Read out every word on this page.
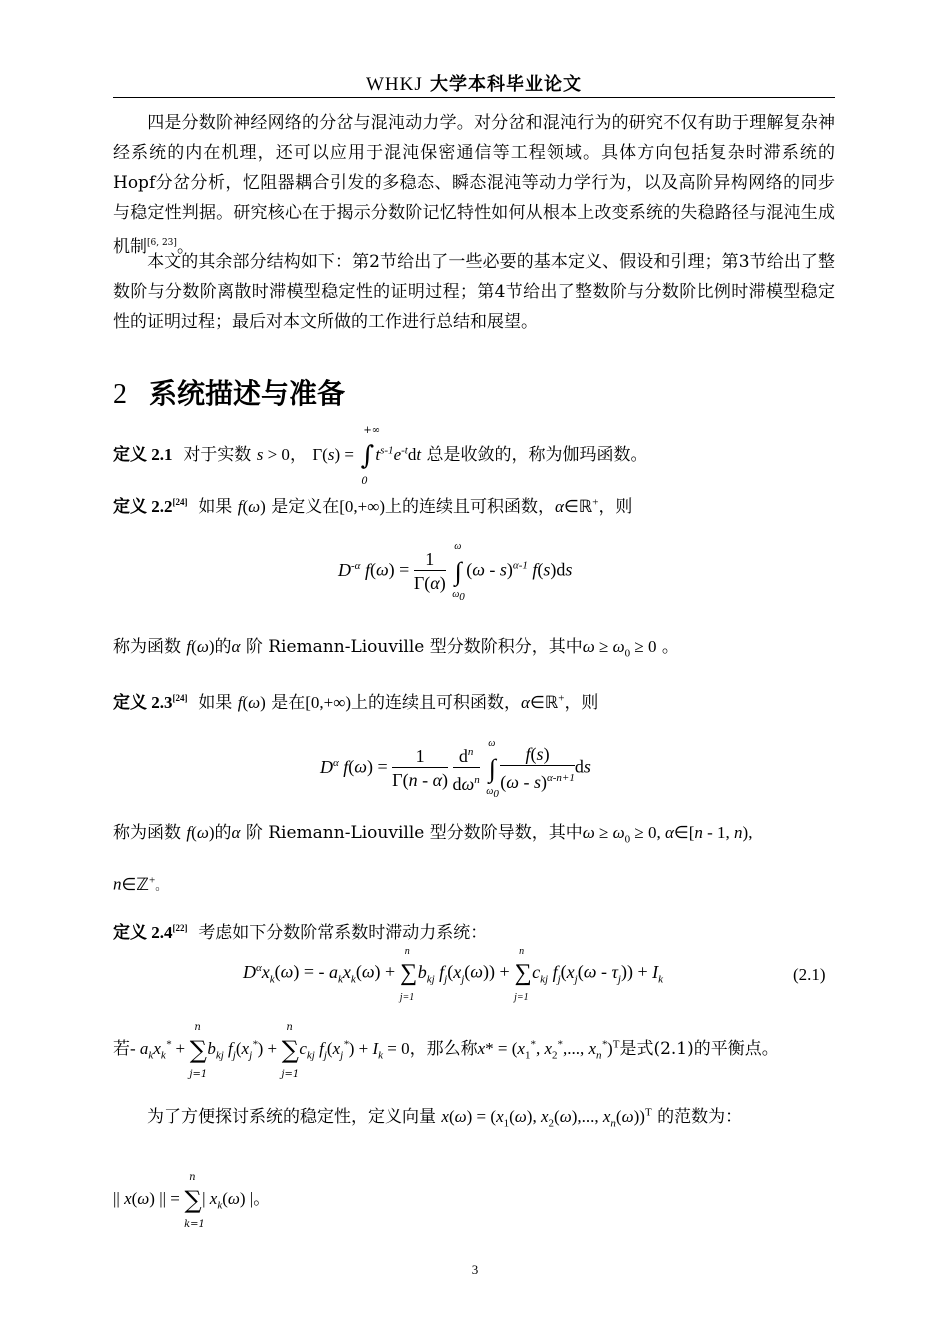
WHKJ 大学本科毕业论文
四是分数阶神经网络的分岔与混沌动力学。对分岔和混沌行为的研究不仅有助于理解复杂神经系统的内在机理，还可以应用于混沌保密通信等工程领域。具体方向包括复杂时滞系统的Hopf分岔分析，忆阻器耦合引发的多稳态、瞬态混沌等动力学行为，以及高阶异构网络的同步与稳定性判据。研究核心在于揭示分数阶记忆特性如何从根本上改变系统的失稳路径与混沌生成机制[6, 23]。
本文的其余部分结构如下：第2节给出了一些必要的基本定义、假设和引理；第3节给出了整数阶与分数阶离散时滞模型稳定性的证明过程；第4节给出了整数阶与分数阶比例时滞模型稳定性的证明过程；最后对本文所做的工作进行总结和展望。
2 系统描述与准备
定义 2.1 对于实数 s > 0， Γ(s) = ∫
+∞
0
$t^{s-1}e^{-t}dt$ 总是收敛的，称为伽玛函数。
定义 2.2[24] 如果 f(ω) 是定义在[0,+∞)上的连续且可积函数，α∈ℝ+，则
$D^{-\alpha}$ $f(\omega) = \frac{1}{\Gamma(\alpha)}$ ∫
ω
$\omega_0$
(ω - s)$^{\alpha-1}$ f(s)ds
称为函数 f(ω)的α 阶 Riemann-Liouville 型分数阶积分，其中$\omega \ge \omega_0 \ge 0$ 。
定义 2.3[24] 如果 f(ω) 是在[0,+∞)上的连续且可积函数，α∈ℝ+，则
$D^\alpha$ $f(\omega) = \frac{1}{\Gamma(n - \alpha)}$
$\frac{d^n}{d\omega^n}$ ∫
ω
$\omega_0 \frac{f(s)}{(\omega - s)^{\alpha-n+1}}$ ds
称为函数 f(ω)的α 阶 Riemann-Liouville 型分数阶导数，其中$\omega \ge \omega_0 \ge 0$, α∈[n - 1, n),
n∈ℤ+。
定义 2.4[22] 考虑如下分数阶常系数时滞动力系统：
$D^\alpha x_k(\omega)$ = - $a_kx_k(\omega)$ + ∑
n
j=1
$b_{kj}$ $f_j(x_j(\omega))$ + ∑
n
j=1
$c_{kj}$ $f_j(x_j(\omega - \tau_j)) + I_k$	(2.1)
若- $a_kx_k^*$ + ∑
n
j=1
$b_{kj}$ $f_j(x_j^*)$ + ∑
n
j=1
$c_{kj}$ $f_j(x_j^*) + I_k = 0$，那么称$x* = (x_1^*$, $x_2^*$,..., $x_n^*)^T$是式(2.1)的平衡点。
为了方便探讨系统的稳定性，定义向量 $x(\omega) = (x_1(\omega)$, $x_2(\omega)$,..., $x_n(\omega))^T$ 的范数为：
|| x(ω) || = ∑
n
k=1
| $x_k(\omega)$ |。
3
